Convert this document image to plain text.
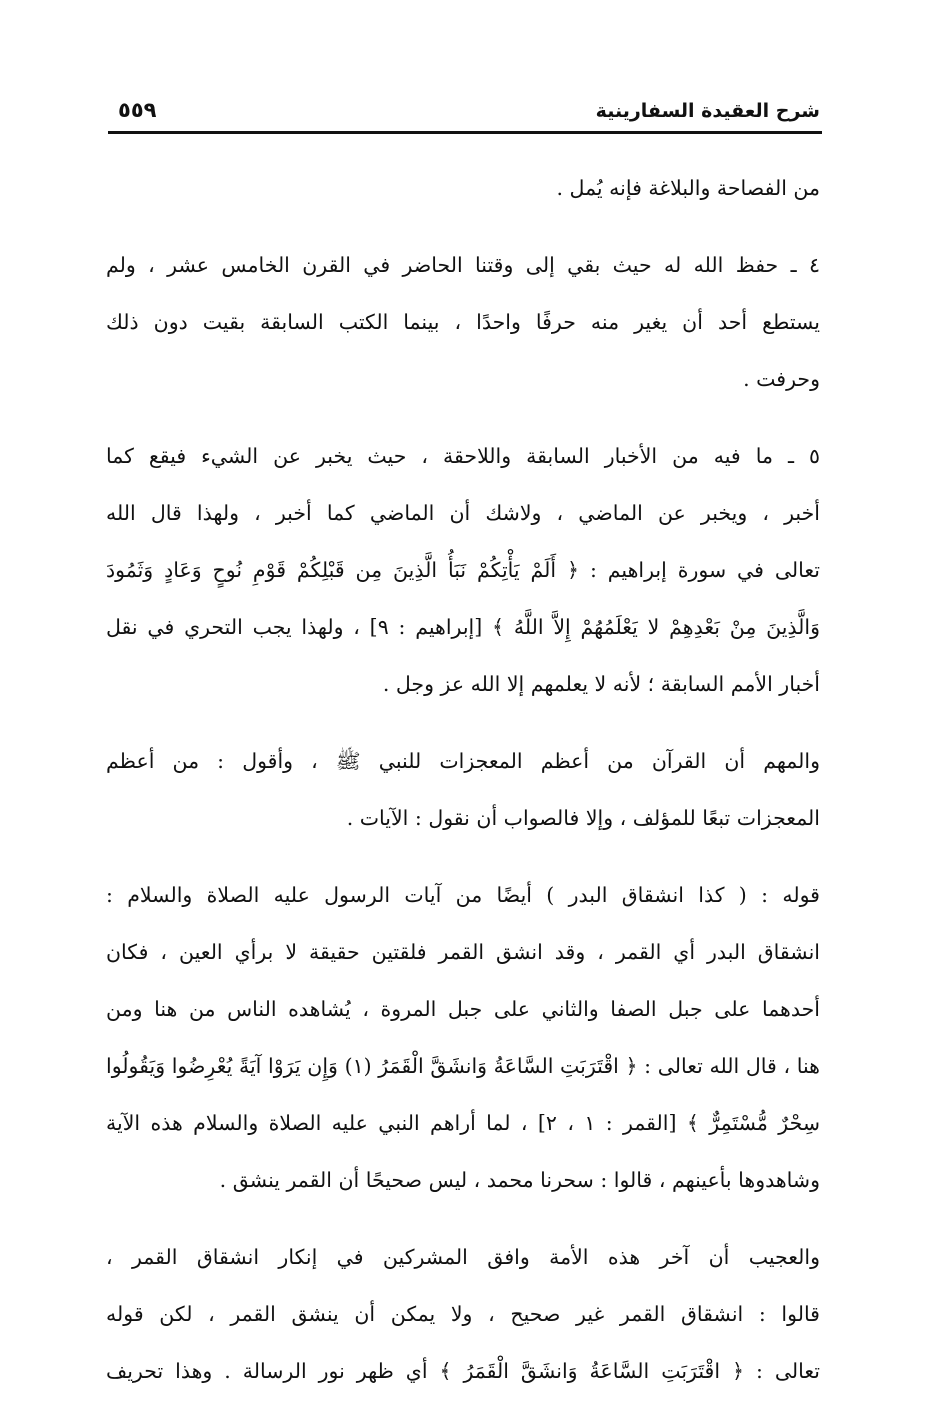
شرح العقيدة السفارينية
٥٥٩

من الفصاحة والبلاغة فإنه يُمل .

٤ ـ حفظ الله له حيث بقي إلى وقتنا الحاضر في القرن الخامس عشر ، ولم
يستطع أحد أن يغير منه حرفًا واحدًا ، بينما الكتب السابقة بقيت دون ذلك
وحرفت .

٥ ـ ما فيه من الأخبار السابقة واللاحقة ، حيث يخبر عن الشيء فيقع كما
أخبر ، ويخبر عن الماضي ، ولاشك أن الماضي كما أخبر ، ولهذا قال الله
تعالى في سورة إبراهيم : ﴿ أَلَمْ يَأْتِكُمْ نَبَأُ الَّذِينَ مِن قَبْلِكُمْ قَوْمِ نُوحٍ وَعَادٍ وَثَمُودَ
وَالَّذِينَ مِنْ بَعْدِهِمْ لا يَعْلَمُهُمْ إِلاَّ اللَّهُ ﴾ [إبراهيم : ٩] ، ولهذا يجب التحري في نقل
أخبار الأمم السابقة ؛ لأنه لا يعلمهم إلا الله عز وجل .

والمهم أن القرآن من أعظم المعجزات للنبي ﷺ ، وأقول : من أعظم
المعجزات تبعًا للمؤلف ، وإلا فالصواب أن نقول : الآيات .

قوله : ( كذا انشقاق البدر ) أيضًا من آيات الرسول عليه الصلاة والسلام :
انشقاق البدر أي القمر ، وقد انشق القمر فلقتين حقيقة لا برأي العين ، فكان
أحدهما على جبل الصفا والثاني على جبل المروة ، يُشاهده الناس من هنا ومن
هنا ، قال الله تعالى : ﴿ اقْتَرَبَتِ السَّاعَةُ وَانشَقَّ الْقَمَرُ (١) وَإِن يَرَوْا آيَةً يُعْرِضُوا وَيَقُولُوا
سِحْرٌ مُّسْتَمِرٌّ ﴾ [القمر : ١ ، ٢] ، لما أراهم النبي عليه الصلاة والسلام هذه الآية
وشاهدوها بأعينهم ، قالوا : سحرنا محمد ، ليس صحيحًا أن القمر ينشق .

والعجيب أن آخر هذه الأمة وافق المشركين في إنكار انشقاق القمر ،
قالوا : انشقاق القمر غير صحيح ، ولا يمكن أن ينشق القمر ، لكن قوله
تعالى : ﴿ اقْتَرَبَتِ السَّاعَةُ وَانشَقَّ الْقَمَرُ ﴾ أي ظهر نور الرسالة . وهذا تحريف
